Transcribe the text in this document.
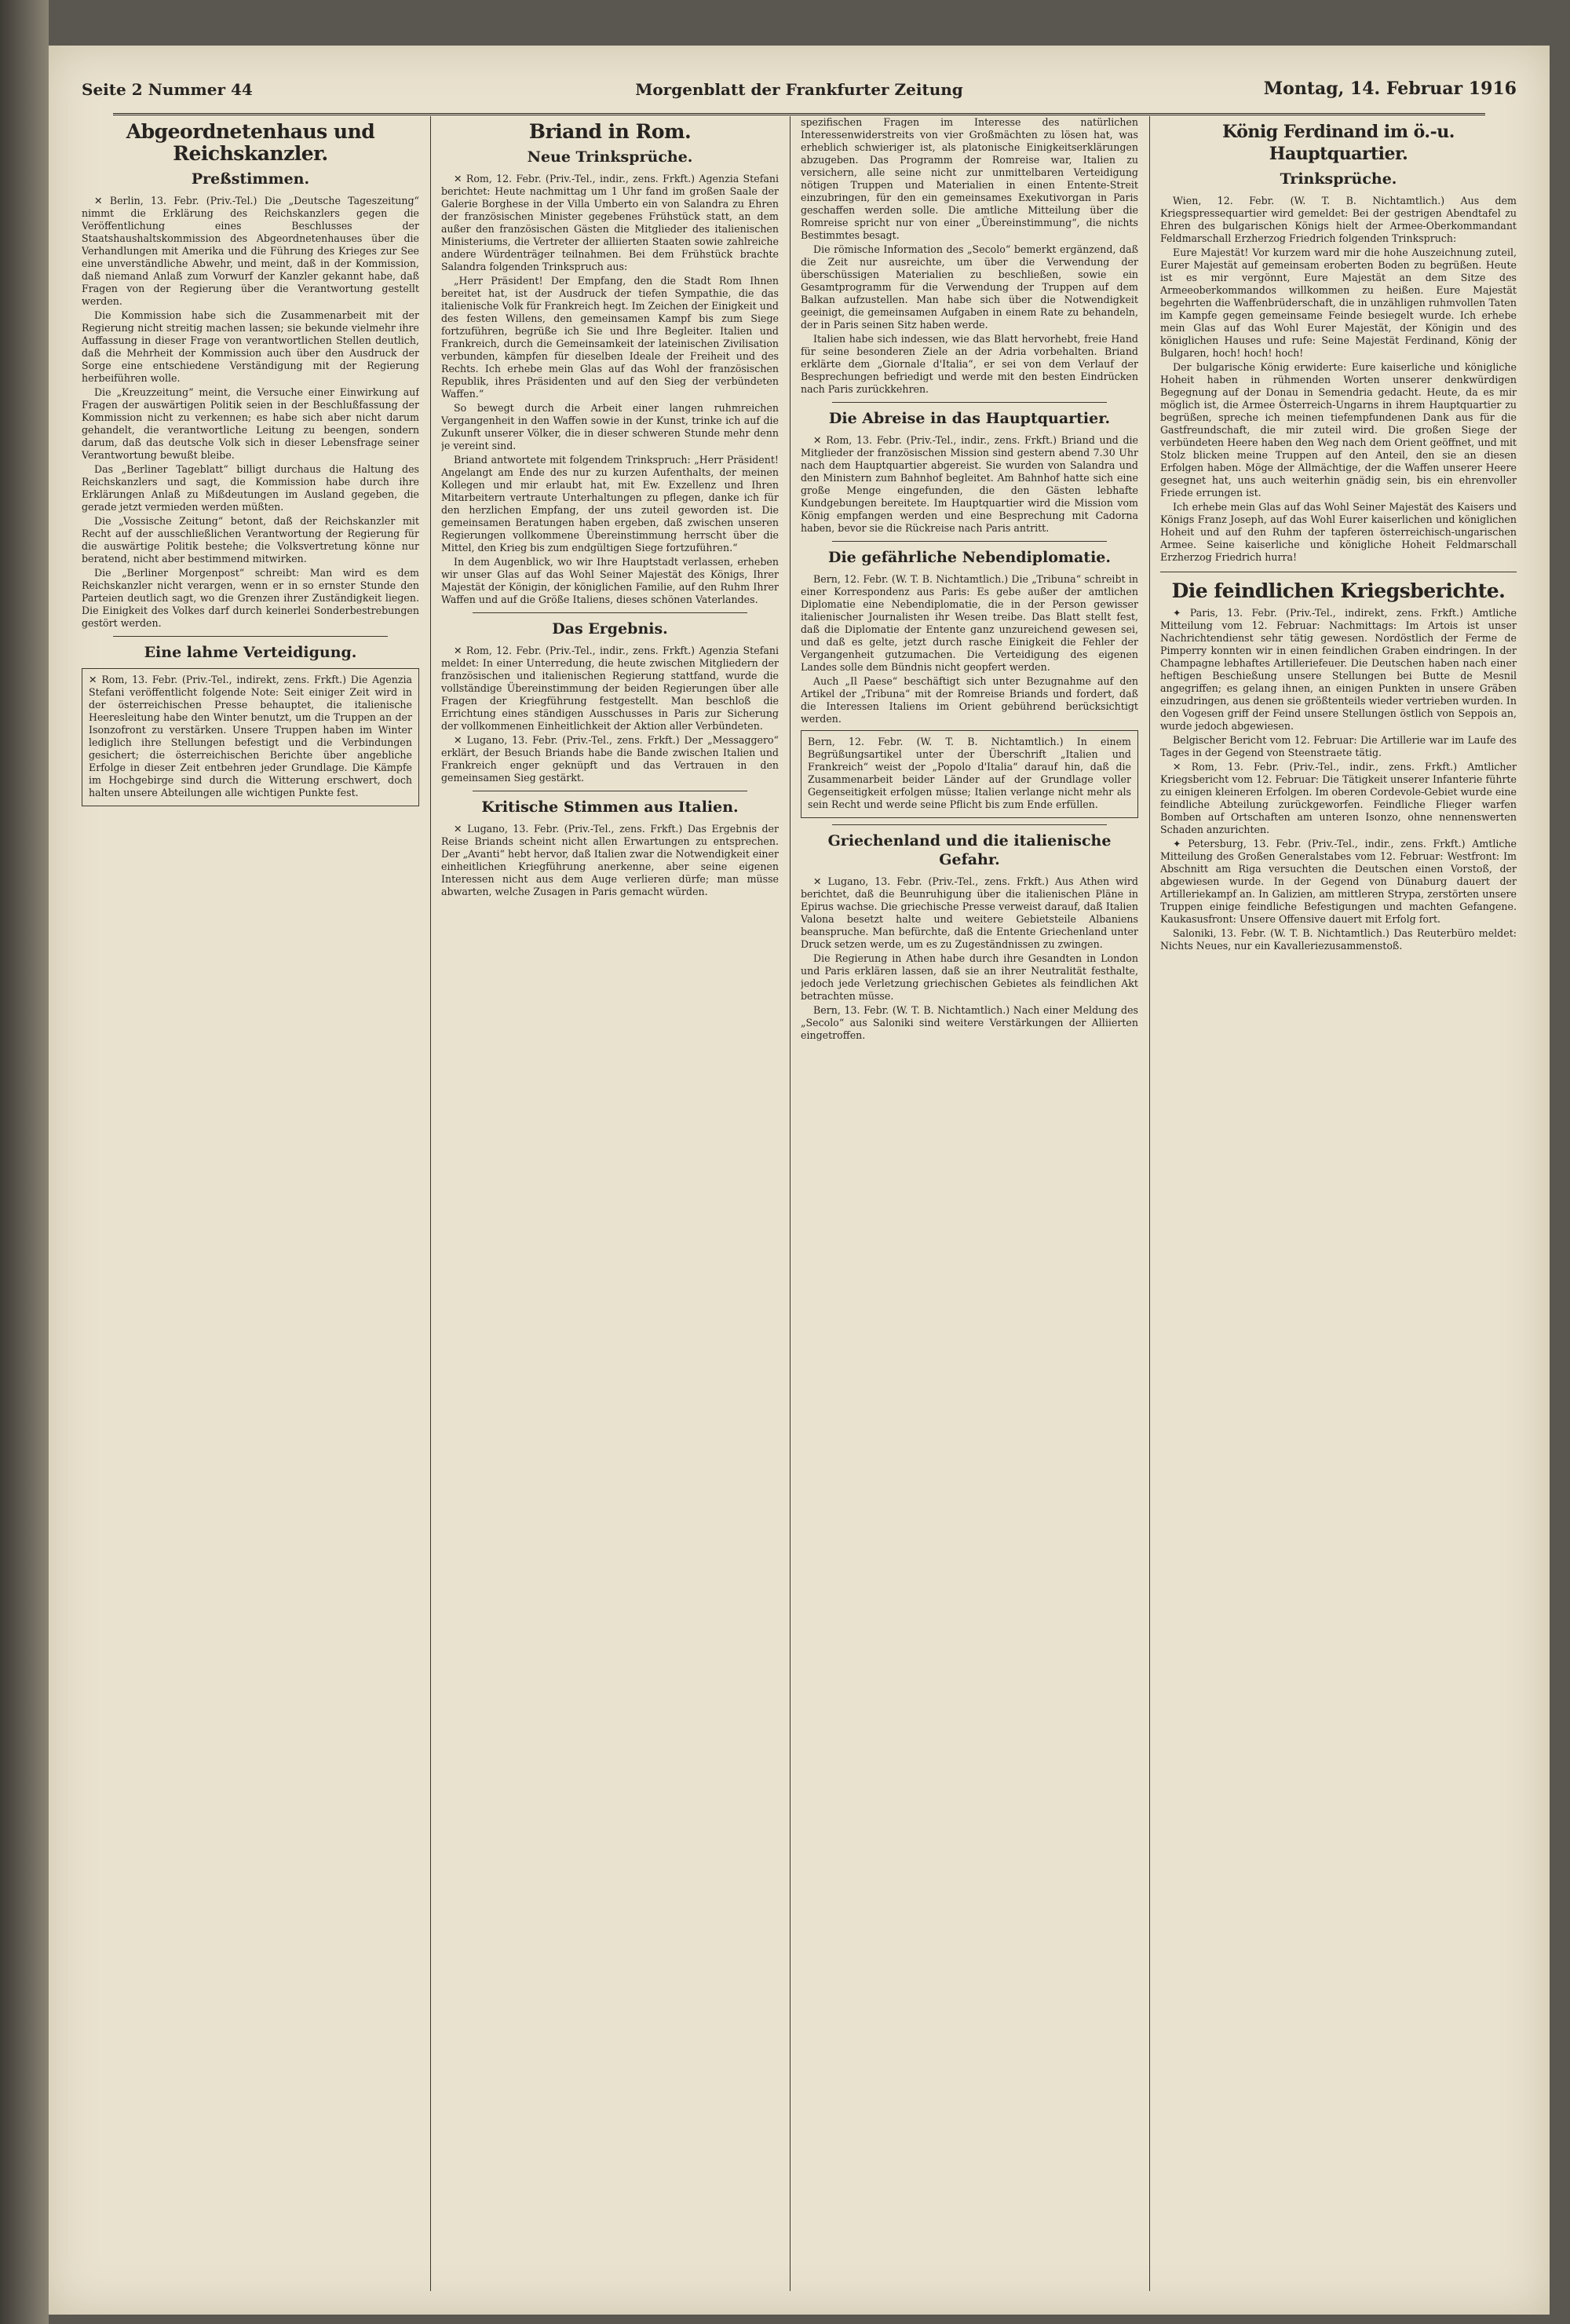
Seite 2 Nummer 44	Morgenblatt der Frankfurter Zeitung	Montag, 14. Februar 1916
Abgeordnetenhaus und Reichskanzler.
Preßstimmen.

✕ Berlin, 13. Febr. (Priv.-Tel.) Die „Deutsche Tageszeitung“ nimmt die Erklärung des Reichskanzlers gegen die Veröffentlichung eines Beschlusses der Staatshaushaltskommission des Abgeordnetenhauses über die Verhandlungen mit Amerika und die Führung des Krieges zur See eine unverständliche Abwehr, und meint, daß in der Kommission, daß niemand Anlaß zum Vorwurf der Kanzler gekannt habe, daß Fragen von der Regierung über die Verantwortung gestellt werden.

Die Kommission habe sich die Zusammenarbeit mit der Regierung nicht streitig machen lassen; sie bekunde vielmehr ihre Auffassung in dieser Frage von verantwortlichen Stellen deutlich, daß die Mehrheit der Kommission auch über den Ausdruck der Sorge eine entschiedene Verständigung mit der Regierung herbeiführen wolle.

Die „Kreuzzeitung“ meint, die Versuche einer Einwirkung auf Fragen der auswärtigen Politik seien in der Beschlußfassung der Kommission nicht zu verkennen; es habe sich aber nicht darum gehandelt, die verantwortliche Leitung zu beengen, sondern darum, daß das deutsche Volk sich in dieser Lebensfrage seiner Verantwortung bewußt bleibe.

Das „Berliner Tageblatt“ billigt durchaus die Haltung des Reichskanzlers und sagt, die Kommission habe durch ihre Erklärungen Anlaß zu Mißdeutungen im Ausland gegeben, die gerade jetzt vermieden werden müßten.

Die „Vossische Zeitung“ betont, daß der Reichskanzler mit Recht auf der ausschließlichen Verantwortung der Regierung für die auswärtige Politik bestehe; die Volksvertretung könne nur beratend, nicht aber bestimmend mitwirken.

Die „Berliner Morgenpost“ schreibt: Man wird es dem Reichskanzler nicht verargen, wenn er in so ernster Stunde den Parteien deutlich sagt, wo die Grenzen ihrer Zuständigkeit liegen. Die Einigkeit des Volkes darf durch keinerlei Sonderbestrebungen gestört werden.

Eine lahme Verteidigung.

✕ Rom, 13. Febr. (Priv.-Tel., indirekt, zens. Frkft.) Die Agenzia Stefani veröffentlicht folgende Note: Seit einiger Zeit wird in der österreichischen Presse behauptet, die italienische Heeresleitung habe den Winter benutzt, um die Truppen an der Isonzofront zu verstärken. Unsere Truppen haben im Winter lediglich ihre Stellungen befestigt und die Verbindungen gesichert; die österreichischen Berichte über angebliche Erfolge in dieser Zeit entbehren jeder Grundlage. Die Kämpfe im Hochgebirge sind durch die Witterung erschwert, doch halten unsere Abteilungen alle wichtigen Punkte fest.

Briand in Rom.
Neue Trinksprüche.

✕ Rom, 12. Febr. (Priv.-Tel., indir., zens. Frkft.) Agenzia Stefani berichtet: Heute nachmittag um 1 Uhr fand im großen Saale der Galerie Borghese in der Villa Umberto ein von Salandra zu Ehren der französischen Minister gegebenes Frühstück statt, an dem außer den französischen Gästen die Mitglieder des italienischen Ministeriums, die Vertreter der alliierten Staaten sowie zahlreiche andere Würdenträger teilnahmen. Bei dem Frühstück brachte Salandra folgenden Trinkspruch aus:

„Herr Präsident! Der Empfang, den die Stadt Rom Ihnen bereitet hat, ist der Ausdruck der tiefen Sympathie, die das italienische Volk für Frankreich hegt. Im Zeichen der Einigkeit und des festen Willens, den gemeinsamen Kampf bis zum Siege fortzuführen, begrüße ich Sie und Ihre Begleiter. Italien und Frankreich, durch die Gemeinsamkeit der lateinischen Zivilisation verbunden, kämpfen für dieselben Ideale der Freiheit und des Rechts. Ich erhebe mein Glas auf das Wohl der französischen Republik, ihres Präsidenten und auf den Sieg der verbündeten Waffen.“

So bewegt durch die Arbeit einer langen ruhmreichen Vergangenheit in den Waffen sowie in der Kunst, trinke ich auf die Zukunft unserer Völker, die in dieser schweren Stunde mehr denn je vereint sind.

Briand antwortete mit folgendem Trinkspruch: „Herr Präsident! Angelangt am Ende des nur zu kurzen Aufenthalts, der meinen Kollegen und mir erlaubt hat, mit Ew. Exzellenz und Ihren Mitarbeitern vertraute Unterhaltungen zu pflegen, danke ich für den herzlichen Empfang, der uns zuteil geworden ist. Die gemeinsamen Beratungen haben ergeben, daß zwischen unseren Regierungen vollkommene Übereinstimmung herrscht über die Mittel, den Krieg bis zum endgültigen Siege fortzuführen.“

In dem Augenblick, wo wir Ihre Hauptstadt verlassen, erheben wir unser Glas auf das Wohl Seiner Majestät des Königs, Ihrer Majestät der Königin, der königlichen Familie, auf den Ruhm Ihrer Waffen und auf die Größe Italiens, dieses schönen Vaterlandes.

Das Ergebnis.

✕ Rom, 12. Febr. (Priv.-Tel., indir., zens. Frkft.) Agenzia Stefani meldet: In einer Unterredung, die heute zwischen Mitgliedern der französischen und italienischen Regierung stattfand, wurde die vollständige Übereinstimmung der beiden Regierungen über alle Fragen der Kriegführung festgestellt. Man beschloß die Errichtung eines ständigen Ausschusses in Paris zur Sicherung der vollkommenen Einheitlichkeit der Aktion aller Verbündeten.

✕ Lugano, 13. Febr. (Priv.-Tel., zens. Frkft.) Der „Messaggero“ erklärt, der Besuch Briands habe die Bande zwischen Italien und Frankreich enger geknüpft und das Vertrauen in den gemeinsamen Sieg gestärkt.

Kritische Stimmen aus Italien.

✕ Lugano, 13. Febr. (Priv.-Tel., zens. Frkft.) Das Ergebnis der Reise Briands scheint nicht allen Erwartungen zu entsprechen. Der „Avanti“ hebt hervor, daß Italien zwar die Notwendigkeit einer einheitlichen Kriegführung anerkenne, aber seine eigenen Interessen nicht aus dem Auge verlieren dürfe; man müsse abwarten, welche Zusagen in Paris gemacht würden.

spezifischen Fragen im Interesse des natürlichen Interessenwiderstreits von vier Großmächten zu lösen hat, was erheblich schwieriger ist, als platonische Einigkeitserklärungen abzugeben. Das Programm der Romreise war, Italien zu versichern, alle seine nicht zur unmittelbaren Verteidigung nötigen Truppen und Materialien in einen Entente-Streit einzubringen, für den ein gemeinsames Exekutivorgan in Paris geschaffen werden solle. Die amtliche Mitteilung über die Romreise spricht nur von einer „Übereinstimmung“, die nichts Bestimmtes besagt.

Die römische Information des „Secolo“ bemerkt ergänzend, daß die Zeit nur ausreichte, um über die Verwendung der überschüssigen Materialien zu beschließen, sowie ein Gesamtprogramm für die Verwendung der Truppen auf dem Balkan aufzustellen. Man habe sich über die Notwendigkeit geeinigt, die gemeinsamen Aufgaben in einem Rate zu behandeln, der in Paris seinen Sitz haben werde.

Italien habe sich indessen, wie das Blatt hervorhebt, freie Hand für seine besonderen Ziele an der Adria vorbehalten. Briand erklärte dem „Giornale d'Italia“, er sei von dem Verlauf der Besprechungen befriedigt und werde mit den besten Eindrücken nach Paris zurückkehren.

Die Abreise in das Hauptquartier.

✕ Rom, 13. Febr. (Priv.-Tel., indir., zens. Frkft.) Briand und die Mitglieder der französischen Mission sind gestern abend 7.30 Uhr nach dem Hauptquartier abgereist. Sie wurden von Salandra und den Ministern zum Bahnhof begleitet. Am Bahnhof hatte sich eine große Menge eingefunden, die den Gästen lebhafte Kundgebungen bereitete. Im Hauptquartier wird die Mission vom König empfangen werden und eine Besprechung mit Cadorna haben, bevor sie die Rückreise nach Paris antritt.

Die gefährliche Nebendiplomatie.

Bern, 12. Febr. (W. T. B. Nichtamtlich.) Die „Tribuna“ schreibt in einer Korrespondenz aus Paris: Es gebe außer der amtlichen Diplomatie eine Nebendiplomatie, die in der Person gewisser italienischer Journalisten ihr Wesen treibe. Das Blatt stellt fest, daß die Diplomatie der Entente ganz unzureichend gewesen sei, und daß es gelte, jetzt durch rasche Einigkeit die Fehler der Vergangenheit gutzumachen. Die Verteidigung des eigenen Landes solle dem Bündnis nicht geopfert werden.

Auch „Il Paese“ beschäftigt sich unter Bezugnahme auf den Artikel der „Tribuna“ mit der Romreise Briands und fordert, daß die Interessen Italiens im Orient gebührend berücksichtigt werden.

Bern, 12. Febr. (W. T. B. Nichtamtlich.) In einem Begrüßungsartikel unter der Überschrift „Italien und Frankreich“ weist der „Popolo d'Italia“ darauf hin, daß die Zusammenarbeit beider Länder auf der Grundlage voller Gegenseitigkeit erfolgen müsse; Italien verlange nicht mehr als sein Recht und werde seine Pflicht bis zum Ende erfüllen.

Griechenland und die italienische Gefahr.

✕ Lugano, 13. Febr. (Priv.-Tel., zens. Frkft.) Aus Athen wird berichtet, daß die Beunruhigung über die italienischen Pläne in Epirus wachse. Die griechische Presse verweist darauf, daß Italien Valona besetzt halte und weitere Gebietsteile Albaniens beanspruche. Man befürchte, daß die Entente Griechenland unter Druck setzen werde, um es zu Zugeständnissen zu zwingen.

Die Regierung in Athen habe durch ihre Gesandten in London und Paris erklären lassen, daß sie an ihrer Neutralität festhalte, jedoch jede Verletzung griechischen Gebietes als feindlichen Akt betrachten müsse.

Bern, 13. Febr. (W. T. B. Nichtamtlich.) Nach einer Meldung des „Secolo“ aus Saloniki sind weitere Verstärkungen der Alliierten eingetroffen.

König Ferdinand im ö.-u. Hauptquartier.
Trinksprüche.

Wien, 12. Febr. (W. T. B. Nichtamtlich.) Aus dem Kriegspressequartier wird gemeldet: Bei der gestrigen Abendtafel zu Ehren des bulgarischen Königs hielt der Armee-Oberkommandant Feldmarschall Erzherzog Friedrich folgenden Trinkspruch:

Eure Majestät! Vor kurzem ward mir die hohe Auszeichnung zuteil, Eurer Majestät auf gemeinsam eroberten Boden zu begrüßen. Heute ist es mir vergönnt, Eure Majestät an dem Sitze des Armeeoberkommandos willkommen zu heißen. Eure Majestät begehrten die Waffenbrüderschaft, die in unzähligen ruhmvollen Taten im Kampfe gegen gemeinsame Feinde besiegelt wurde. Ich erhebe mein Glas auf das Wohl Eurer Majestät, der Königin und des königlichen Hauses und rufe: Seine Majestät Ferdinand, König der Bulgaren, hoch! hoch! hoch!

Der bulgarische König erwiderte: Eure kaiserliche und königliche Hoheit haben in rühmenden Worten unserer denkwürdigen Begegnung auf der Donau in Semendria gedacht. Heute, da es mir möglich ist, die Armee Österreich-Ungarns in ihrem Hauptquartier zu begrüßen, spreche ich meinen tiefempfundenen Dank aus für die Gastfreundschaft, die mir zuteil wird. Die großen Siege der verbündeten Heere haben den Weg nach dem Orient geöffnet, und mit Stolz blicken meine Truppen auf den Anteil, den sie an diesen Erfolgen haben. Möge der Allmächtige, der die Waffen unserer Heere gesegnet hat, uns auch weiterhin gnädig sein, bis ein ehrenvoller Friede errungen ist.

Ich erhebe mein Glas auf das Wohl Seiner Majestät des Kaisers und Königs Franz Joseph, auf das Wohl Eurer kaiserlichen und königlichen Hoheit und auf den Ruhm der tapferen österreichisch-ungarischen Armee. Seine kaiserliche und königliche Hoheit Feldmarschall Erzherzog Friedrich hurra!

Die feindlichen Kriegsberichte.

✦ Paris, 13. Febr. (Priv.-Tel., indirekt, zens. Frkft.) Amtliche Mitteilung vom 12. Februar: Nachmittags: Im Artois ist unser Nachrichtendienst sehr tätig gewesen. Nordöstlich der Ferme de Pimperry konnten wir in einen feindlichen Graben eindringen. In der Champagne lebhaftes Artilleriefeuer. Die Deutschen haben nach einer heftigen Beschießung unsere Stellungen bei Butte de Mesnil angegriffen; es gelang ihnen, an einigen Punkten in unsere Gräben einzudringen, aus denen sie größtenteils wieder vertrieben wurden. In den Vogesen griff der Feind unsere Stellungen östlich von Seppois an, wurde jedoch abgewiesen.

Belgischer Bericht vom 12. Februar: Die Artillerie war im Laufe des Tages in der Gegend von Steenstraete tätig.

✕ Rom, 13. Febr. (Priv.-Tel., indir., zens. Frkft.) Amtlicher Kriegsbericht vom 12. Februar: Die Tätigkeit unserer Infanterie führte zu einigen kleineren Erfolgen. Im oberen Cordevole-Gebiet wurde eine feindliche Abteilung zurückgeworfen. Feindliche Flieger warfen Bomben auf Ortschaften am unteren Isonzo, ohne nennenswerten Schaden anzurichten.

✦ Petersburg, 13. Febr. (Priv.-Tel., indir., zens. Frkft.) Amtliche Mitteilung des Großen Generalstabes vom 12. Februar: Westfront: Im Abschnitt am Riga versuchten die Deutschen einen Vorstoß, der abgewiesen wurde. In der Gegend von Dünaburg dauert der Artilleriekampf an. In Galizien, am mittleren Strypa, zerstörten unsere Truppen einige feindliche Befestigungen und machten Gefangene. Kaukasusfront: Unsere Offensive dauert mit Erfolg fort.

Saloniki, 13. Febr. (W. T. B. Nichtamtlich.) Das Reuterbüro meldet: Nichts Neues, nur ein Kavalleriezusammenstoß.
